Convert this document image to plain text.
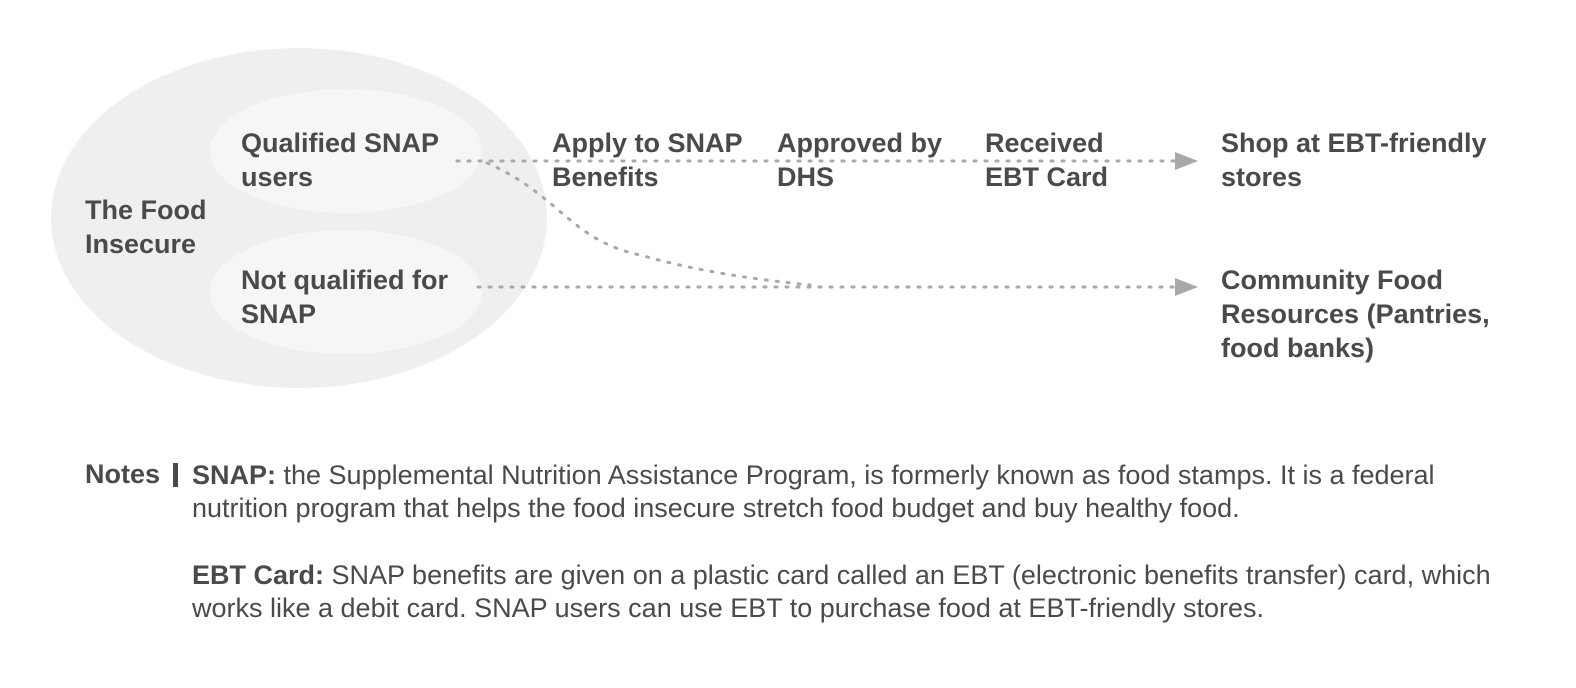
The Food
Insecure
Qualified SNAP
users
Not qualified for
SNAP
Apply to SNAP
Benefits
Approved by
DHS
Received
EBT Card
Shop at EBT-friendly
stores
Community Food
Resources (Pantries,
food banks)
Notes SNAP: the Supplemental Nutrition Assistance Program, is formerly known as food stamps. It is a federal nutrition program that helps the food insecure stretch food budget and buy healthy food.
EBT Card: SNAP benefits are given on a plastic card called an EBT (electronic benefits transfer) card, which works like a debit card. SNAP users can use EBT to purchase food at EBT-friendly stores.
